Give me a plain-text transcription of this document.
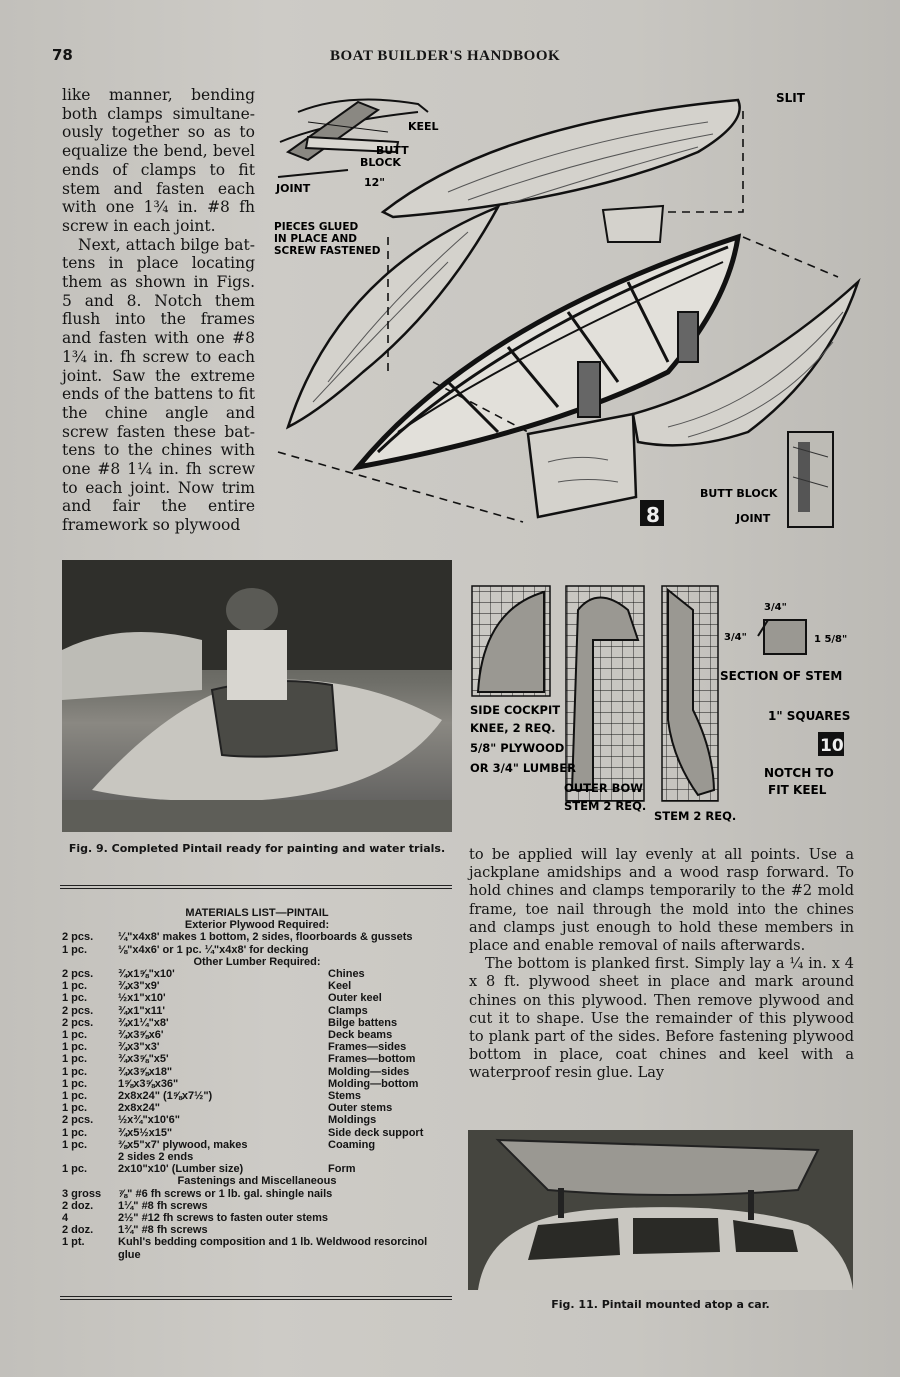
78	BOAT BUILDER'S HANDBOOK

like manner, bending both clamps simultane-ously together so as to equalize the bend, bevel ends of clamps to fit stem and fasten each with one 1¾ in. #8 fh screw in each joint.

Next, attach bilge bat-tens in place locating them as shown in Figs. 5 and 8. Notch them flush into the frames and fasten with one #8 1¾ in. fh screw to each joint. Saw the extreme ends of the battens to fit the chine angle and screw fasten these bat-tens to the chines with one #8 1¼ in. fh screw to each joint. Now trim and fair the entire framework so plywood

KEEL
BUTT
BLOCK
JOINT	12"
SLIT
PIECES GLUED
IN PLACE AND
SCREW FASTENED
BUTT BLOCK
JOINT
8
Fig. 9. Completed Pintail ready for painting and water trials.
3/4"
3/4"	1 5/8"
SECTION OF STEM
1" SQUARES
10
NOTCH TO
FIT KEEL
SIDE COCKPIT
KNEE, 2 REQ.
5/8" PLYWOOD
OR 3/4" LUMBER
OUTER BOW
STEM 2 REQ.
STEM 2 REQ.
MATERIALS LIST—PINTAIL
Exterior Plywood Required:
2 pcs.	¼"x4x8' makes 1 bottom, 2 sides, floorboards & gussets
1 pc.	⅛"x4x6' or 1 pc. ¼"x4x8' for decking
Other Lumber Required:
2 pcs.	¾x1⅝"x10'	Chines
1 pc.	¾x3"x9'	Keel
1 pc.	½x1"x10'	Outer keel
2 pcs.	¾x1"x11'	Clamps
2 pcs.	¾x1¼"x8'	Bilge battens
1 pc.	¾x3⅝x6'	Deck beams
1 pc.	¾x3"x3'	Frames—sides
1 pc.	¾x3⅝"x5'	Frames—bottom
1 pc.	¾x3⅝x18"	Molding—sides
1 pc.	1⅝x3⅝x36"	Molding—bottom
1 pc.	2x8x24" (1⅝x7½")	Stems
1 pc.	2x8x24"	Outer stems
2 pcs.	½x¾"x10'6"	Moldings
1 pc.	¾x5½x15"	Side deck support
1 pc.	⅜x5"x7' plywood, makes	Coaming
2 sides 2 ends
1 pc.	2x10"x10' (Lumber size)	Form
Fastenings and Miscellaneous
3 gross	⅞" #6 fh screws or 1 lb. gal. shingle nails
2 doz.	1¼" #8 fh screws
4	2½" #12 fh screws to fasten outer stems
2 doz.	1¾" #8 fh screws
1 pt.	Kuhl's bedding composition and 1 lb. Weldwood resorcinol glue

to be applied will lay evenly at all points. Use a jackplane amidships and a wood rasp forward. To hold chines and clamps temporarily to the #2 mold frame, toe nail through the mold into the chines and clamps just enough to hold these members in place and enable removal of nails afterwards.

The bottom is planked first. Simply lay a ¼ in. x 4 x 8 ft. plywood sheet in place and mark around chines on this plywood. Then remove plywood and cut it to shape. Use the remainder of this plywood to plank part of the sides. Before fastening plywood bottom in place, coat chines and keel with a waterproof resin glue. Lay

Fig. 11. Pintail mounted atop a car.
